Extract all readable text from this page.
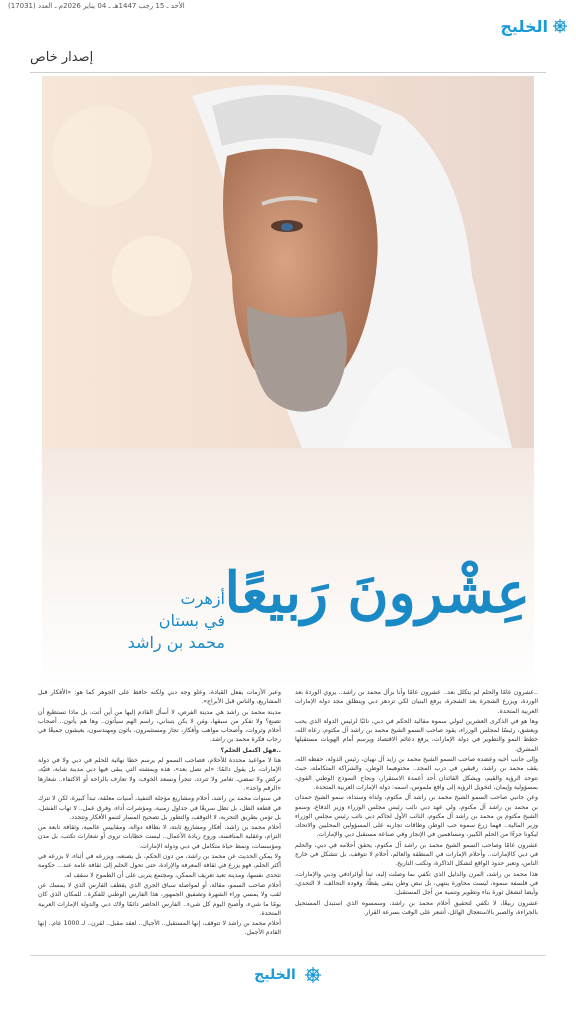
الأحد ـ 15 رجب 1447هـ ـ 04 يناير 2026م ـ العدد (17031)
الخليج
إصدار خاص
عِشْرونَ رَبيعًا
أزهرت
في بستان
محمد بن راشد

..عشرون عامًا والحلم لم يتكلل بعد.. عشرون عامًا وأنا برأل محمد بن راشد.. يروي الوردة بعد الوردة، ويزرع الشجرة بعد الشجرة، يرفع البنيان لكي تزدهر دبي وينطلق مجد دولة الإمارات العربية المتحدة.

وها هو في الذكرى العشرين لتولي سموه مقاليد الحكم في دبي، نائبًا لرئيس الدولة الذي يحب ويعشق، رئيسًا لمجلس الوزراء، يقود صاحب السمو الشيخ محمد بن راشد آل مكتوم، رعاه الله، خطط النمو والتطوير في دولة الإمارات، يرفع دعائم الاقتصاد ويرسم أمام الهويات مستقبلها المشرق.

وإلى جانب أخيه وعضده صاحب السمو الشيخ محمد بن زايد آل نهيان، رئيس الدولة، حفظه الله، يقف محمد بن راشد، رقيقين في درب المجد.. محتوهيما الوطن، والشراكة المتكاملة، حيث تتوحد الرؤية والقيم، ويشكل القائدان أحد أعمدة الاستقرار، ونجاح النموذج الوطني القوي، بمسؤولية وإيمان، لتحويل الرؤية إلى واقع ملموس، اسمه: دولة الإمارات العربية المتحدة.

وعن جانبي صاحب السمو الشيخ محمد بن راشد آل مكتوم، ولداه وسنداه، سمو الشيخ حمدان بن محمد بن راشد آل مكتوم، ولي عهد دبي نائب رئيس مجلس الوزراء وزير الدفاع، وسمو الشيخ مكتوم بن محمد بن راشد آل مكتوم، النائب الأول لحاكم دبي نائب رئيس مجلس الوزراء وزير المالية.. فهما زرع سموه حب الوطن وطاقات تجاربه على المسؤولين المحليين والاتحاد، ليكونا جزءًا من الحلم الكبير، ومساهمين في الإنجاز وفي صناعة مستقبل دبي والإمارات.

عشرون عامًا وصاحب السمو الشيخ محمد بن راشد آل مكتوم، يحقق أحلامه في دبي، والحلم في دبي كالإمارات.. وأحلام الإمارات في المنطقة والعالم، أحلام لا تتوقف، بل تتشكل في خارج الناس، وتعبر حدود الواقع لتشكل الذاكرة، وتكتب التاريخ.

هذا محمد بن راشد، المرن والدليل الذي تكفي بما وصلت إليه، ثبتا أوائرادفي ودبي والإمارات، في فلسفة سموه، ليست محاورة ينتهي، بل نبض وطن يبقى يقظًا، وقوده التحالف، لا التحدي، وأيضا لتشغل ثورة بناء وتطوير وتنمية من أجل المستقبل.

عشرون ربيعًا، لا تكفي لتحقيق أحلام محمد بن راشد، وسمسوه الذي استبدل المستحيل بالجراءة، والصبر بالاستعجال الهائل، أشعر على الوقت بسرعة القرار.

وعبر الأزمات يفعل القيادة، وعلو وجه دبي ولكنه حافظ على الجوهر كما هو: «الأفكار قبل المشاريع، والناس قبل الأبراج».

مدينة محمد بن راشد هي مدينة الفرص، لا أسأل القادم إليها من أين أتت، بل ماذا تستطيع أن تصنع؟ ولا تفكر من سبقها، ومَن لا يكن يتبناني، راسم الهم سيأتون.. وها هم يأتون.. أصحاب أحلام وثروات، وأصحاب مواهب وأفكار، تجار ومستثمرون، باثون ومهندسون، بعيشون جميعًا في رحاب فكرة محمد بن راشد.

..فهل اكتمل الحلم؟

هنا لا مواعيد محددة للأحلام، فصاحب السمو لم يرسم خطا نهائية للحلم في دبي ولا في دولة الإمارات، بل يقول دائمًا: «لم نصل بعد»، هذه ويمشته التي يبقى فيها دبي مدينة شابة، فتيّة، تركض ولا تمضي، تغامر ولا تتردد، تتجرأ ونسعد الخوف، ولا تعارف بالراحة أو الاكتفاء.. شعارها «الرقم واحد».

في سنوات محمد بن راشد، أحلام ومشاريع مؤجلة التنفيذ، أمنيات معلقة، تبدأ كبيرة، لكن لا تترك في قطعة الطل، بل تظل سريعًا في جداول زمنية، ومؤشرات أداء، وفرق عمل.. لا تهاب الفشل، بل تؤمن بطريق التجربة، لا التوقف، والتطور بل تصحيح المسار لتنمو الأفكار وتتجدد.

أحلام محمد بن راشد، أفكار ومشاريع ثابتة، لا بطاقة دوالة، ومقاييس عالمية، وثقافة نابعة من التزام، وعقلية المنافسة، وروح ريادة الأعمال.. ليست خطابات تروى أو شعارات تكتب، بل مدن ومؤسسات، ونمط حياة متكامل في دبي ودولة الإمارات.

ولا يمكن الحديث عن محمد بن راشد، من دون الحكم، بل يصنعه، ويزرعه في أثناء، لا يزرعه في أكثر الحلم، فهو يزرع في ثقافة المعرفة والإرادة، حتى تحول الحلم إلى ثقافة عامة عند... حكومة تتحدى نفسها، ومدينة تعيد تعريف الممكن، ومجتمع يتربى على أن الطموح لا سقف له.

أحلام صاحب السمو، مقالة، أو لمواصلة سباق الجري الذي يقطف الفارس الذي لا يمسك عن لقب ولا يمسي وراء الشهرة وتصفيق الجمهور، هذا الفارس الوطني للفكرة.. للمكان الذي كان يومًا ما شيء، وأصبح اليوم كل شيء.. الفارس الحاضر دائمًا ولاك دبي والدولة الإمارات العربية المتحدة.

أحلام محمد بن راشد لا تتوقف، إنها المستقبل.. الأجيال.. لعقد مقبل.. لقرن.. لـ 1000 عام.. إنها القادم الأجمل.

الخليج
